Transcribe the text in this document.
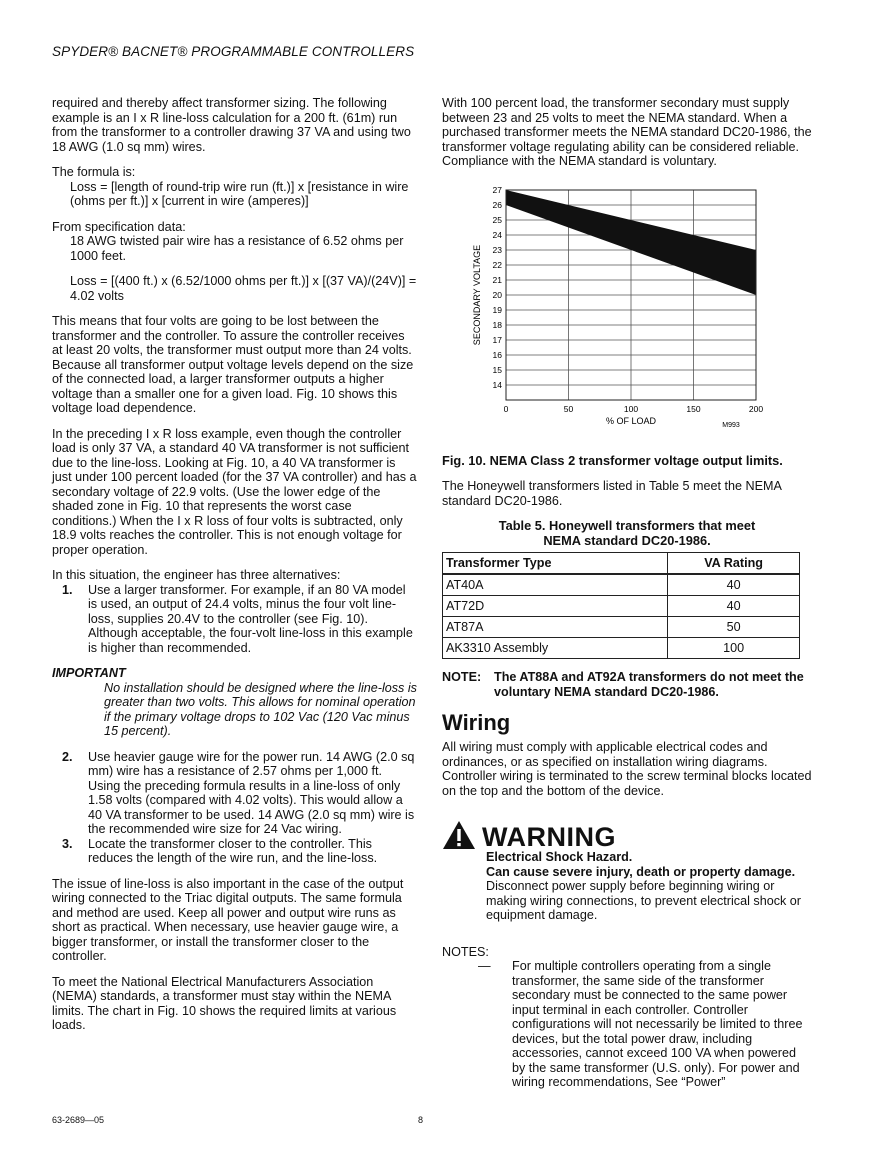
SPYDER® BACNET® PROGRAMMABLE CONTROLLERS

required and thereby affect transformer sizing. The following example is an I x R line-loss calculation for a 200 ft. (61m) run from the transformer to a controller drawing 37 VA and using two 18 AWG (1.0 sq mm) wires.

The formula is:

Loss = [length of round-trip wire run (ft.)] x [resistance in wire (ohms per ft.)] x [current in wire (amperes)]

From specification data:

18 AWG twisted pair wire has a resistance of 6.52 ohms per 1000 feet.

Loss = [(400 ft.) x (6.52/1000 ohms per ft.)] x [(37 VA)/(24V)] = 4.02 volts

This means that four volts are going to be lost between the transformer and the controller. To assure the controller receives at least 20 volts, the transformer must output more than 24 volts. Because all transformer output voltage levels depend on the size of the connected load, a larger transformer outputs a higher voltage than a smaller one for a given load. Fig. 10 shows this voltage load dependence.

In the preceding I x R loss example, even though the controller load is only 37 VA, a standard 40 VA transformer is not sufficient due to the line-loss. Looking at Fig. 10, a 40 VA transformer is just under 100 percent loaded (for the 37 VA controller) and has a secondary voltage of 22.9 volts. (Use the lower edge of the shaded zone in Fig. 10 that represents the worst case conditions.) When the I x R loss of four volts is subtracted, only 18.9 volts reaches the controller. This is not enough voltage for proper operation.

In this situation, the engineer has three alternatives:

1. Use a larger transformer. For example, if an 80 VA model is used, an output of 24.4 volts, minus the four volt line-loss, supplies 20.4V to the controller (see Fig. 10). Although acceptable, the four-volt line-loss in this example is higher than recommended.

IMPORTANT

No installation should be designed where the line-loss is greater than two volts. This allows for nominal operation if the primary voltage drops to 102 Vac (120 Vac minus 15 percent).

2. Use heavier gauge wire for the power run. 14 AWG (2.0 sq mm) wire has a resistance of 2.57 ohms per 1,000 ft. Using the preceding formula results in a line-loss of only 1.58 volts (compared with 4.02 volts). This would allow a 40 VA transformer to be used. 14 AWG (2.0 sq mm) wire is the recommended wire size for 24 Vac wiring.
3. Locate the transformer closer to the controller. This reduces the length of the wire run, and the line-loss.

The issue of line-loss is also important in the case of the output wiring connected to the Triac digital outputs. The same formula and method are used. Keep all power and output wire runs as short as practical. When necessary, use heavier gauge wire, a bigger transformer, or install the transformer closer to the controller.

To meet the National Electrical Manufacturers Association (NEMA) standards, a transformer must stay within the NEMA limits. The chart in Fig. 10 shows the required limits at various loads.

With 100 percent load, the transformer secondary must supply between 23 and 25 volts to meet the NEMA standard. When a purchased transformer meets the NEMA standard DC20-1986, the transformer voltage regulating ability can be considered reliable. Compliance with the NEMA standard is voluntary.

14
15
16
17
18
19
20
21
22
23
24
25
26
27
0	50	100	150	200
% OF LOAD
SECONDARY VOLTAGE
M993

Fig. 10. NEMA Class 2 transformer voltage output limits.

The Honeywell transformers listed in Table 5 meet the NEMA standard DC20-1986.

Table 5. Honeywell transformers that meet
NEMA standard DC20-1986.
Transformer Type	VA Rating
AT40A	40
AT72D	40
AT87A	50
AK3310 Assembly	100
NOTE:	The AT88A and AT92A transformers do not meet the voluntary NEMA standard DC20-1986.
Wiring

All wiring must comply with applicable electrical codes and ordinances, or as specified on installation wiring diagrams. Controller wiring is terminated to the screw terminal blocks located on the top and the bottom of the device.

WARNING
Electrical Shock Hazard.
Can cause severe injury, death or property damage.
Disconnect power supply before beginning wiring or making wiring connections, to prevent electrical shock or equipment damage.

NOTES:

—	For multiple controllers operating from a single transformer, the same side of the transformer secondary must be connected to the same power input terminal in each controller. Controller configurations will not necessarily be limited to three devices, but the total power draw, including accessories, cannot exceed 100 VA when powered by the same transformer (U.S. only). For power and wiring recommendations, See “Power”
63-2689—05	8
